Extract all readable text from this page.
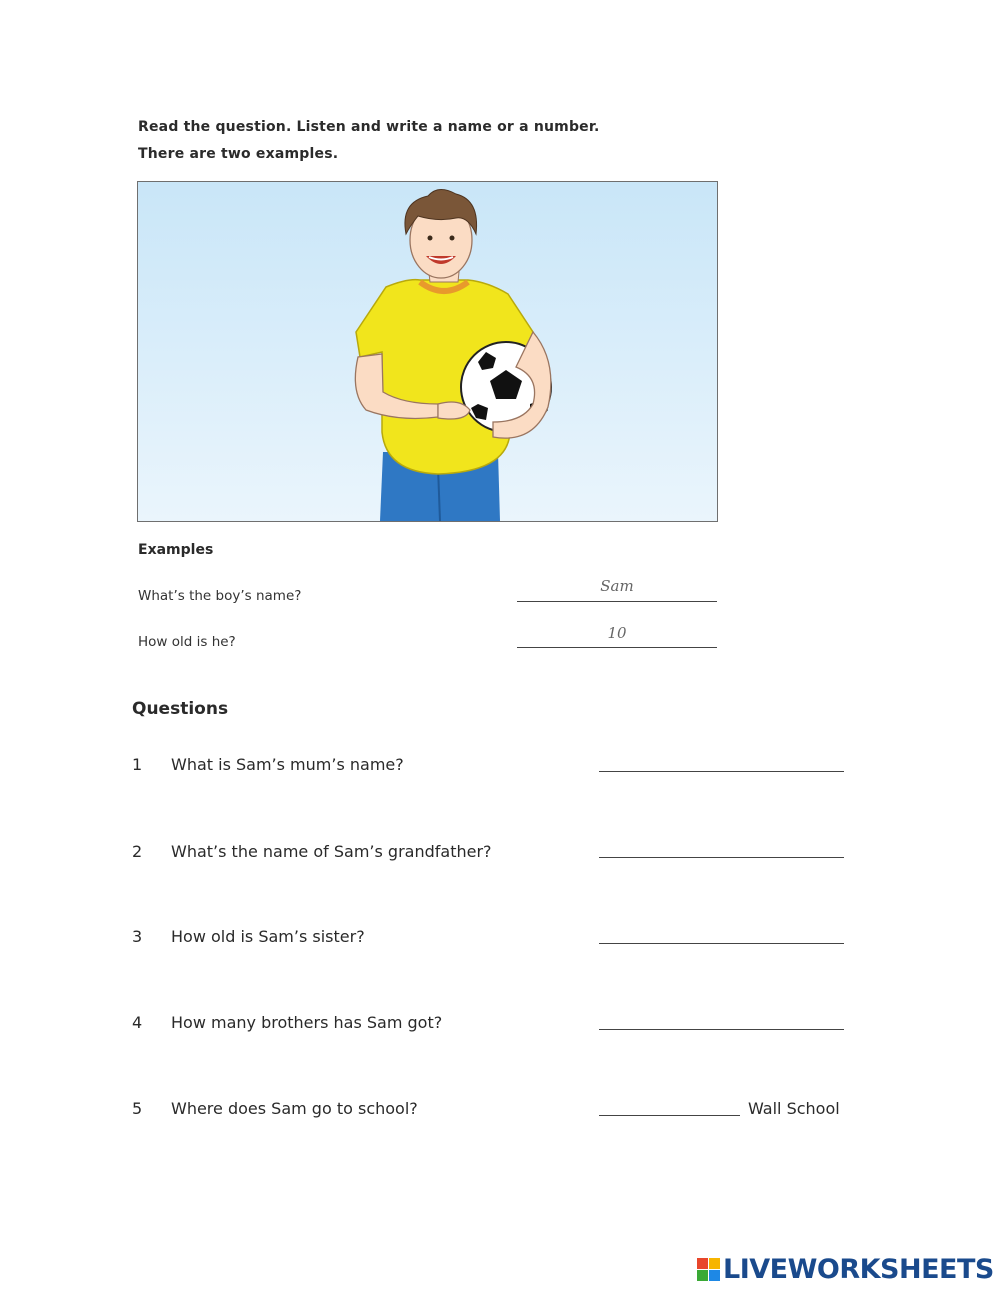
Read the question. Listen and write a name or a number.
There are two examples.
Examples
What’s the boy’s name?
Sam
How old is he?	10
Questions
1 What is Sam’s mum’s name?
2 What’s the name of Sam’s grandfather?
3 How old is Sam’s sister?
4 How many brothers has Sam got?
5 Where does Sam go to school?	Wall School
LIVEWORKSHEETS
